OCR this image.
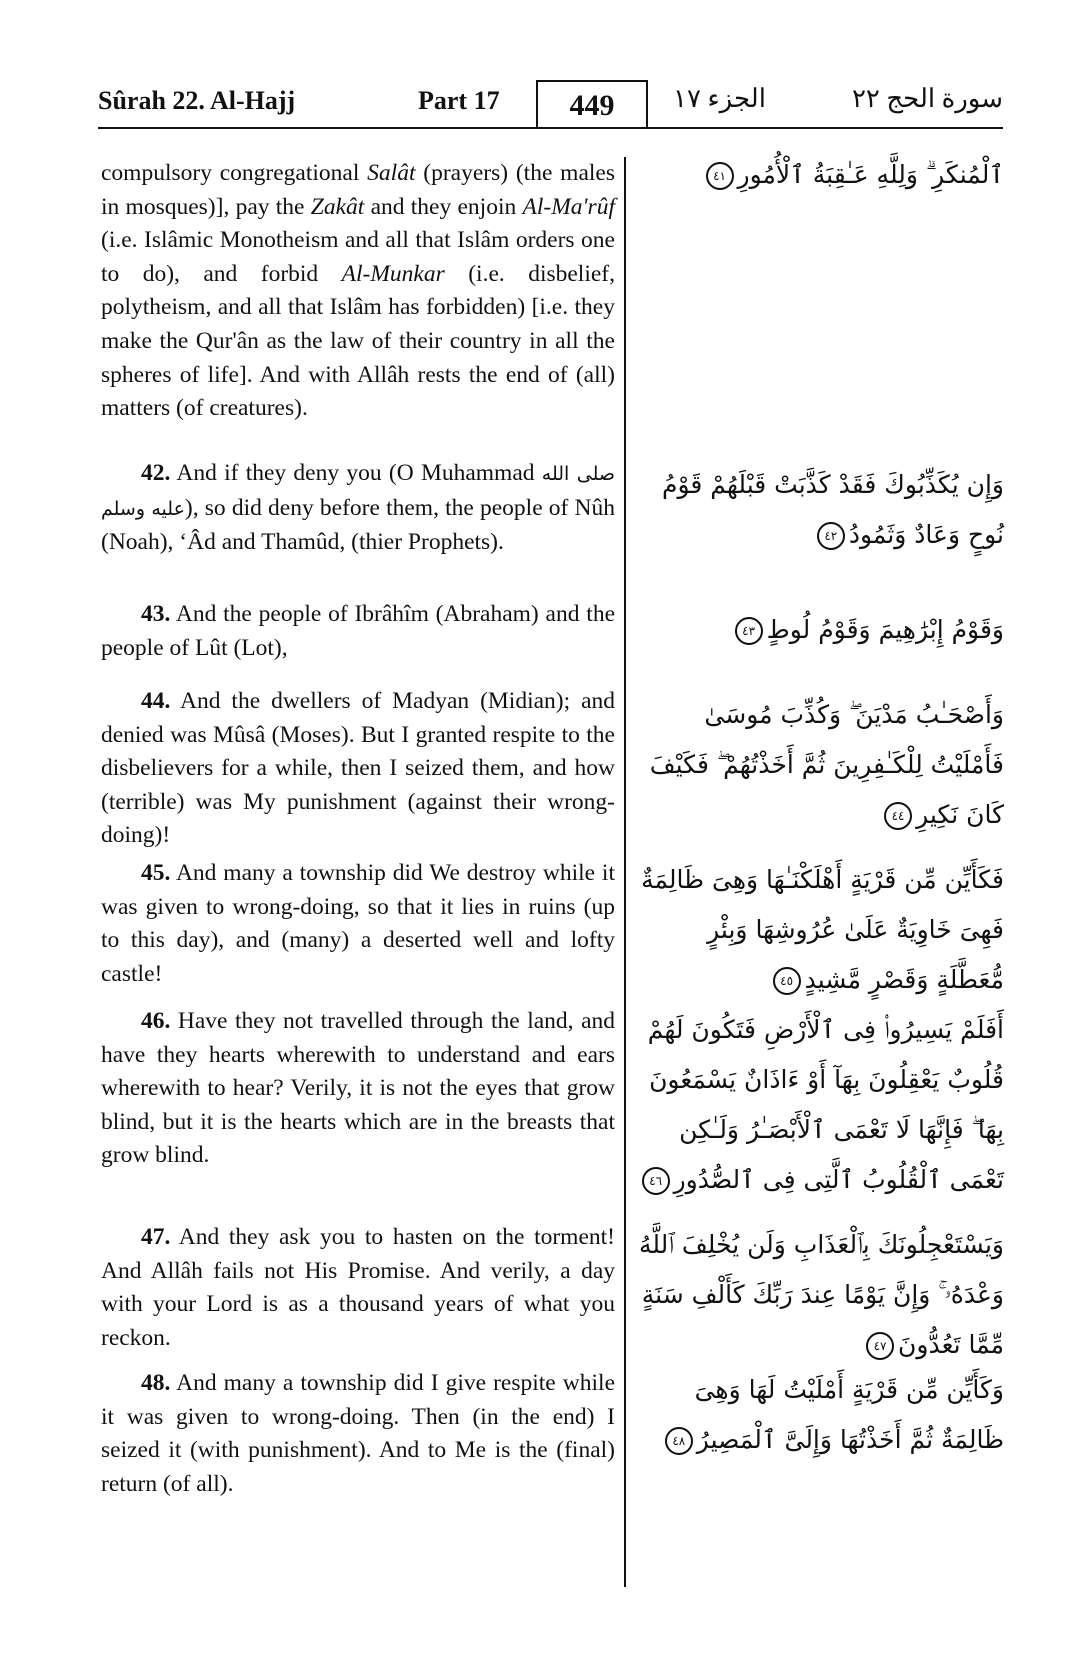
Sûrah 22. Al-Hajj	Part 17	449	الجزء ١٧	سورة الحج ٢٢

compulsory congregational Salât (prayers) (the males in mosques)], pay the Zakât and they enjoin Al-Ma'rûf (i.e. Islâmic Monotheism and all that Islâm orders one to do), and forbid Al-Munkar (i.e. disbelief, polytheism, and all that Islâm has forbidden) [i.e. they make the Qur'ân as the law of their country in all the spheres of life]. And with Allâh rests the end of (all) matters (of creatures).

42. And if they deny you (O Muhammad صلى الله عليه وسلم), so did deny before them, the people of Nûh (Noah), ‘Âd and Thamûd, (thier Prophets).

43. And the people of Ibrâhîm (Abraham) and the people of Lût (Lot),

44. And the dwellers of Madyan (Midian); and denied was Mûsâ (Moses). But I granted respite to the disbelievers for a while, then I seized them, and how (terrible) was My punishment (against their wrong-doing)!

45. And many a township did We destroy while it was given to wrong-doing, so that it lies in ruins (up to this day), and (many) a deserted well and lofty castle!

46. Have they not travelled through the land, and have they hearts wherewith to understand and ears wherewith to hear? Verily, it is not the eyes that grow blind, but it is the hearts which are in the breasts that grow blind.

47. And they ask you to hasten on the torment! And Allâh fails not His Promise. And verily, a day with your Lord is as a thousand years of what you reckon.

48. And many a township did I give respite while it was given to wrong-doing. Then (in the end) I seized it (with punishment). And to Me is the (final) return (of all).

ٱلْمُنكَرِ ۗ وَلِلَّهِ عَـٰقِبَةُ ٱلْأُمُورِ٤١
وَإِن يُكَذِّبُوكَ فَقَدْ كَذَّبَتْ قَبْلَهُمْ قَوْمُ نُوحٍ وَعَادٌ وَثَمُودُ٤٢
وَقَوْمُ إِبْرَٰهِيمَ وَقَوْمُ لُوطٍ٤٣
وَأَصْحَـٰبُ مَدْيَنَ ۖ وَكُذِّبَ مُوسَىٰ فَأَمْلَيْتُ لِلْكَـٰفِرِينَ ثُمَّ أَخَذْتُهُمْ ۖ فَكَيْفَ كَانَ نَكِيرِ٤٤
فَكَأَيِّن مِّن قَرْيَةٍ أَهْلَكْنَـٰهَا وَهِىَ ظَالِمَةٌ فَهِىَ خَاوِيَةٌ عَلَىٰ عُرُوشِهَا وَبِئْرٍ مُّعَطَّلَةٍ وَقَصْرٍ مَّشِيدٍ٤٥
أَفَلَمْ يَسِيرُوا۟ فِى ٱلْأَرْضِ فَتَكُونَ لَهُمْ قُلُوبٌ يَعْقِلُونَ بِهَآ أَوْ ءَاذَانٌ يَسْمَعُونَ بِهَا ۖ فَإِنَّهَا لَا تَعْمَى ٱلْأَبْصَـٰرُ وَلَـٰكِن تَعْمَى ٱلْقُلُوبُ ٱلَّتِى فِى ٱلصُّدُورِ٤٦
وَيَسْتَعْجِلُونَكَ بِٱلْعَذَابِ وَلَن يُخْلِفَ ٱللَّهُ وَعْدَهُۥ ۚ وَإِنَّ يَوْمًا عِندَ رَبِّكَ كَأَلْفِ سَنَةٍ مِّمَّا تَعُدُّونَ٤٧
وَكَأَيِّن مِّن قَرْيَةٍ أَمْلَيْتُ لَهَا وَهِىَ ظَالِمَةٌ ثُمَّ أَخَذْتُهَا وَإِلَىَّ ٱلْمَصِيرُ٤٨
